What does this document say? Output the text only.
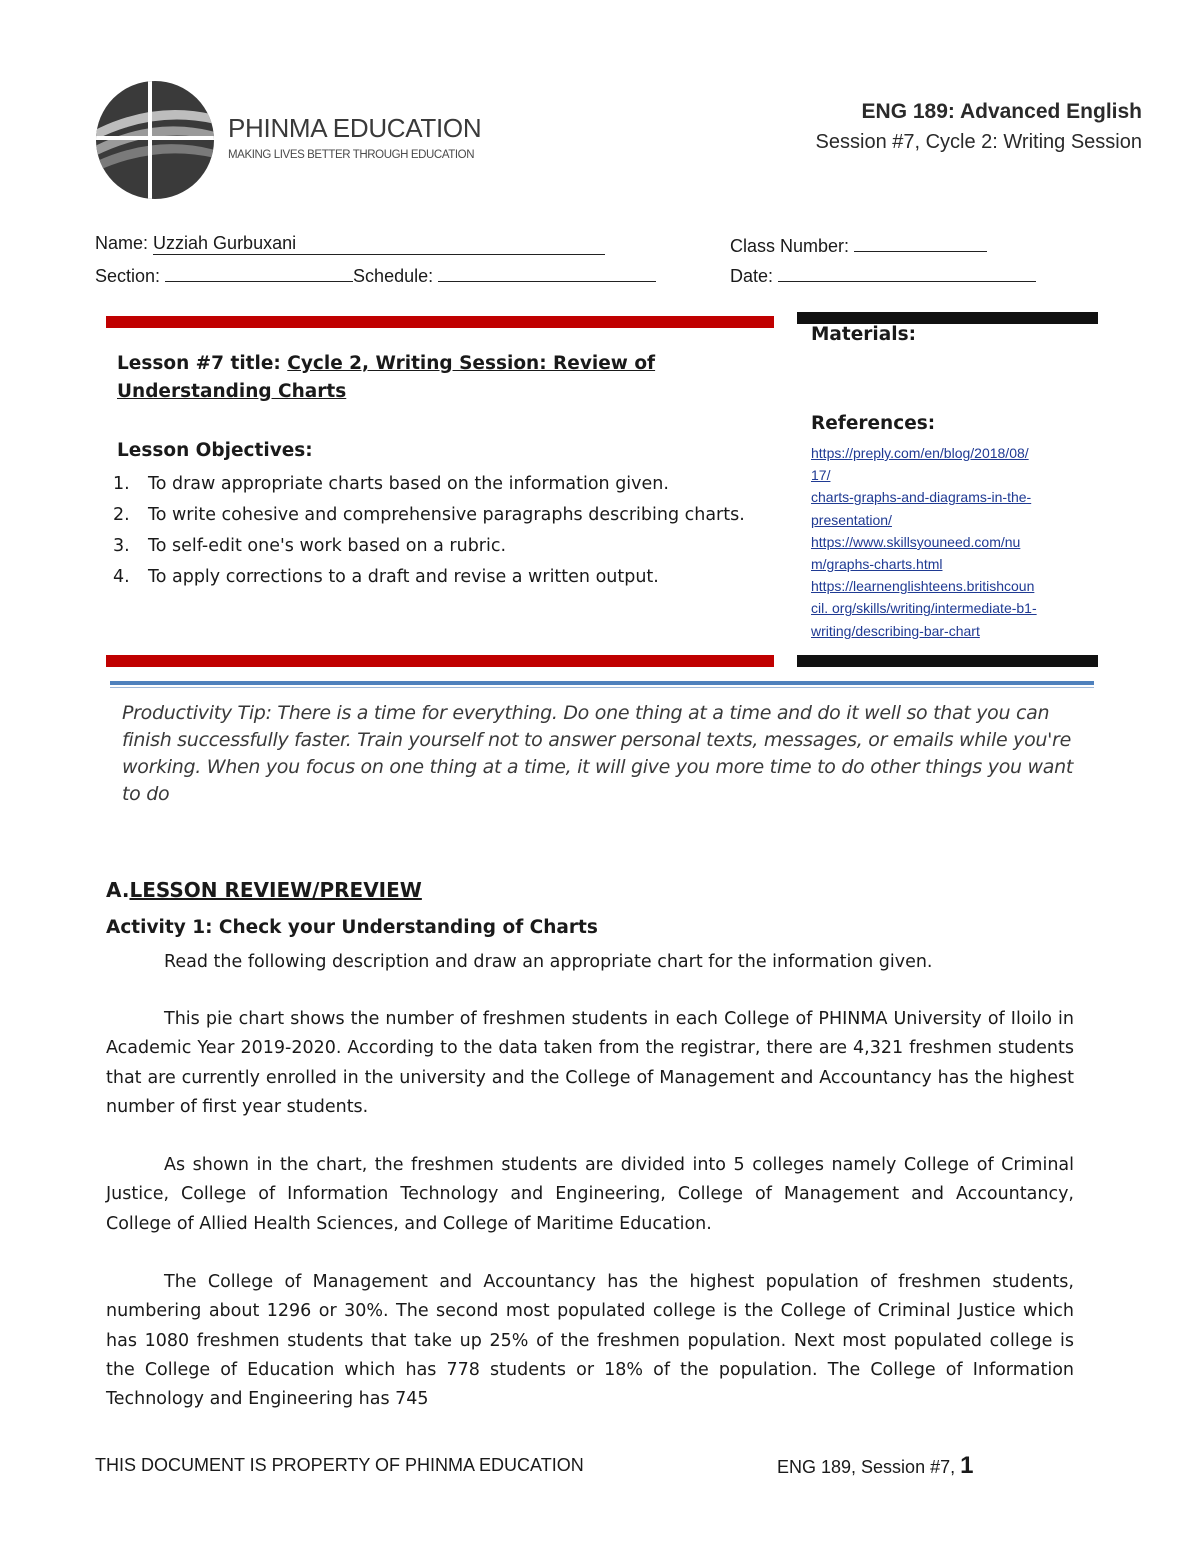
PHINMA EDUCATION
MAKING LIVES BETTER THROUGH EDUCATION
ENG 189: Advanced English
Session #7, Cycle 2: Writing Session
Name: Uzziah Gurbuxani	Class Number:
Section:	Schedule:	Date:
Lesson #7 title: Cycle 2, Writing Session: Review of Understanding Charts
Lesson Objectives:
1. To draw appropriate charts based on the information given.
2. To write cohesive and comprehensive paragraphs describing charts.
3. To self-edit one's work based on a rubric.
4. To apply corrections to a draft and revise a written output.
Materials:
References:
https://preply.com/en/blog/2018/08/
17/
charts-graphs-and-diagrams-in-the-
presentation/
https://www.skillsyouneed.com/nu
m/graphs-charts.html
https://learnenglishteens.britishcoun
cil. org/skills/writing/intermediate-b1-
writing/describing-bar-chart
Productivity Tip: There is a time for everything. Do one thing at a time and do it well so that you can finish successfully faster. Train yourself not to answer personal texts, messages, or emails while you're working. When you focus on one thing at a time, it will give you more time to do other things you want to do
A.LESSON REVIEW/PREVIEW
Activity 1: Check your Understanding of Charts
Read the following description and draw an appropriate chart for the information given.
This pie chart shows the number of freshmen students in each College of PHINMA University of Iloilo in Academic Year 2019-2020. According to the data taken from the registrar, there are 4,321 freshmen students that are currently enrolled in the university and the College of Management and Accountancy has the highest number of first year students.
As shown in the chart, the freshmen students are divided into 5 colleges namely College of Criminal Justice, College of Information Technology and Engineering, College of Management and Accountancy, College of Allied Health Sciences, and College of Maritime Education.
The College of Management and Accountancy has the highest population of freshmen students, numbering about 1296 or 30%. The second most populated college is the College of Criminal Justice which has 1080 freshmen students that take up 25% of the freshmen population. Next most populated college is the College of Education which has 778 students or 18% of the population. The College of Information Technology and Engineering has 745
THIS DOCUMENT IS PROPERTY OF PHINMA EDUCATION	ENG 189, Session #7, 1
